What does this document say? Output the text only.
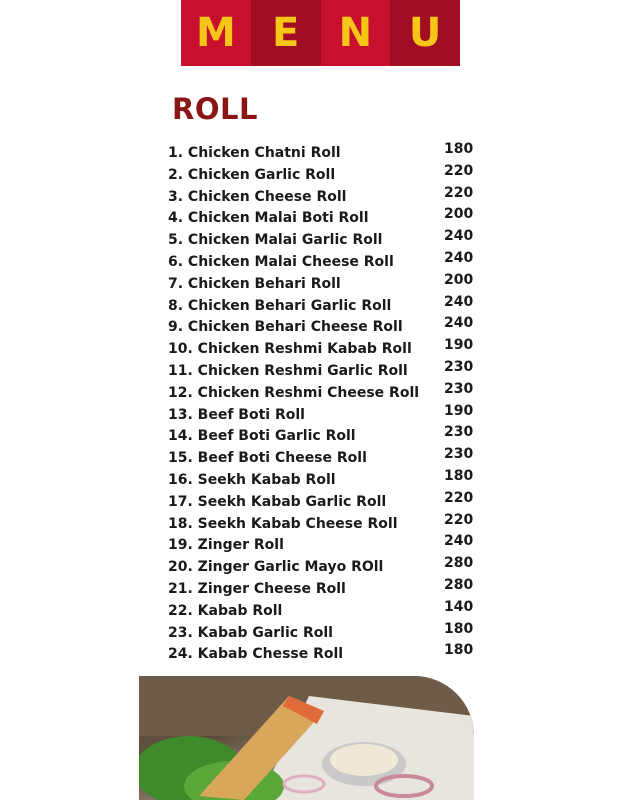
M E N U
ROLL
1. Chicken Chatni Roll	180
2. Chicken Garlic Roll	220
3. Chicken Cheese Roll	220
4. Chicken Malai Boti Roll	200
5. Chicken Malai Garlic Roll	240
6. Chicken Malai Cheese Roll	240
7. Chicken Behari Roll	200
8. Chicken Behari Garlic Roll	240
9. Chicken Behari Cheese Roll	240
10. Chicken Reshmi Kabab Roll 190
11. Chicken Reshmi Garlic Roll	230
12. Chicken Reshmi Cheese Roll 230
13. Beef Boti Roll	190
14. Beef Boti Garlic Roll	230
15. Beef Boti Cheese Roll	230
16. Seekh Kabab Roll	180
17. Seekh Kabab Garlic Roll	220
18. Seekh Kabab Cheese Roll	220
19. Zinger Roll	240
20. Zinger Garlic Mayo ROll	280
21. Zinger Cheese Roll	280
22. Kabab Roll	140
23. Kabab Garlic Roll	180
24. Kabab Chesse Roll	180
